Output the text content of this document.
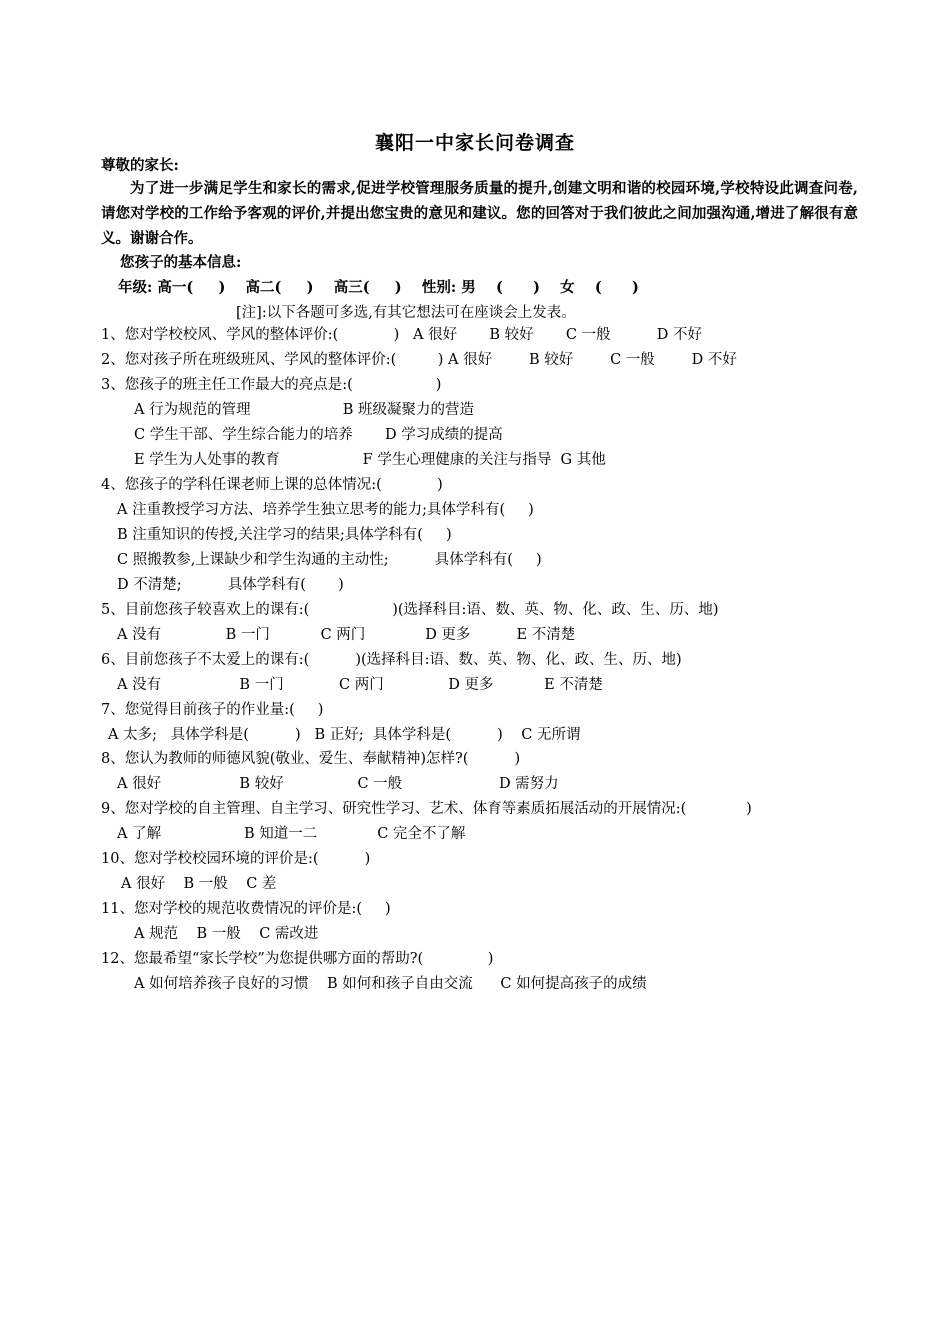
襄阳一中家长问卷调查
尊敬的家长:
为了进一步满足学生和家长的需求,促进学校管理服务质量的提升,创建文明和谐的校园环境,学校特设此调查问卷,请您对学校的工作给予客观的评价,并提出您宝贵的意见和建议。您的回答对于我们彼此之间加强沟通,增进了解很有意义。谢谢合作。
您孩子的基本信息:
年级: 高一(     )    高二(     )    高三(     )    性别: 男    (      )    女    (      )
[注]:以下各题可多选,有其它想法可在座谈会上发表。
1、您对学校校风、学风的整体评价:(            )   A 很好       B 较好       C 一般          D 不好
2、您对孩子所在班级班风、学风的整体评价:(         ) A 很好        B 较好        C 一般        D 不好
3、您孩子的班主任工作最大的亮点是:(                  )
A 行为规范的管理                    B 班级凝聚力的营造
C 学生干部、学生综合能力的培养       D 学习成绩的提高
E 学生为人处事的教育                  F 学生心理健康的关注与指导  G 其他
4、您孩子的学科任课老师上课的总体情况:(            )
A 注重教授学习方法、培养学生独立思考的能力;具体学科有(     )
B 注重知识的传授,关注学习的结果;具体学科有(     )
C 照搬教参,上课缺少和学生沟通的主动性;          具体学科有(     )
D 不清楚;          具体学科有(       )
5、目前您孩子较喜欢上的课有:(                  )(选择科目:语、数、英、物、化、政、生、历、地)
A 没有              B 一门           C 两门             D 更多          E 不清楚
6、目前您孩子不太爱上的课有:(          )(选择科目:语、数、英、物、化、政、生、历、地)
A 没有                 B 一门            C 两门              D 更多           E 不清楚
7、您觉得目前孩子的作业量:(     )
A 太多;   具体学科是(          )   B 正好;  具体学科是(          )    C 无所谓
8、您认为教师的师德风貌(敬业、爱生、奉献精神)怎样?(          )
A 很好                 B 较好                C 一般                     D 需努力
9、您对学校的自主管理、自主学习、研究性学习、艺术、体育等素质拓展活动的开展情况:(             )
A 了解                  B 知道一二             C 完全不了解
10、您对学校校园环境的评价是:(          )
A 很好    B 一般    C 差
11、您对学校的规范收费情况的评价是:(     )
A 规范    B 一般    C 需改进
12、您最希望“家长学校”为您提供哪方面的帮助?(              )
A 如何培养孩子良好的习惯    B 如何和孩子自由交流      C 如何提高孩子的成绩
